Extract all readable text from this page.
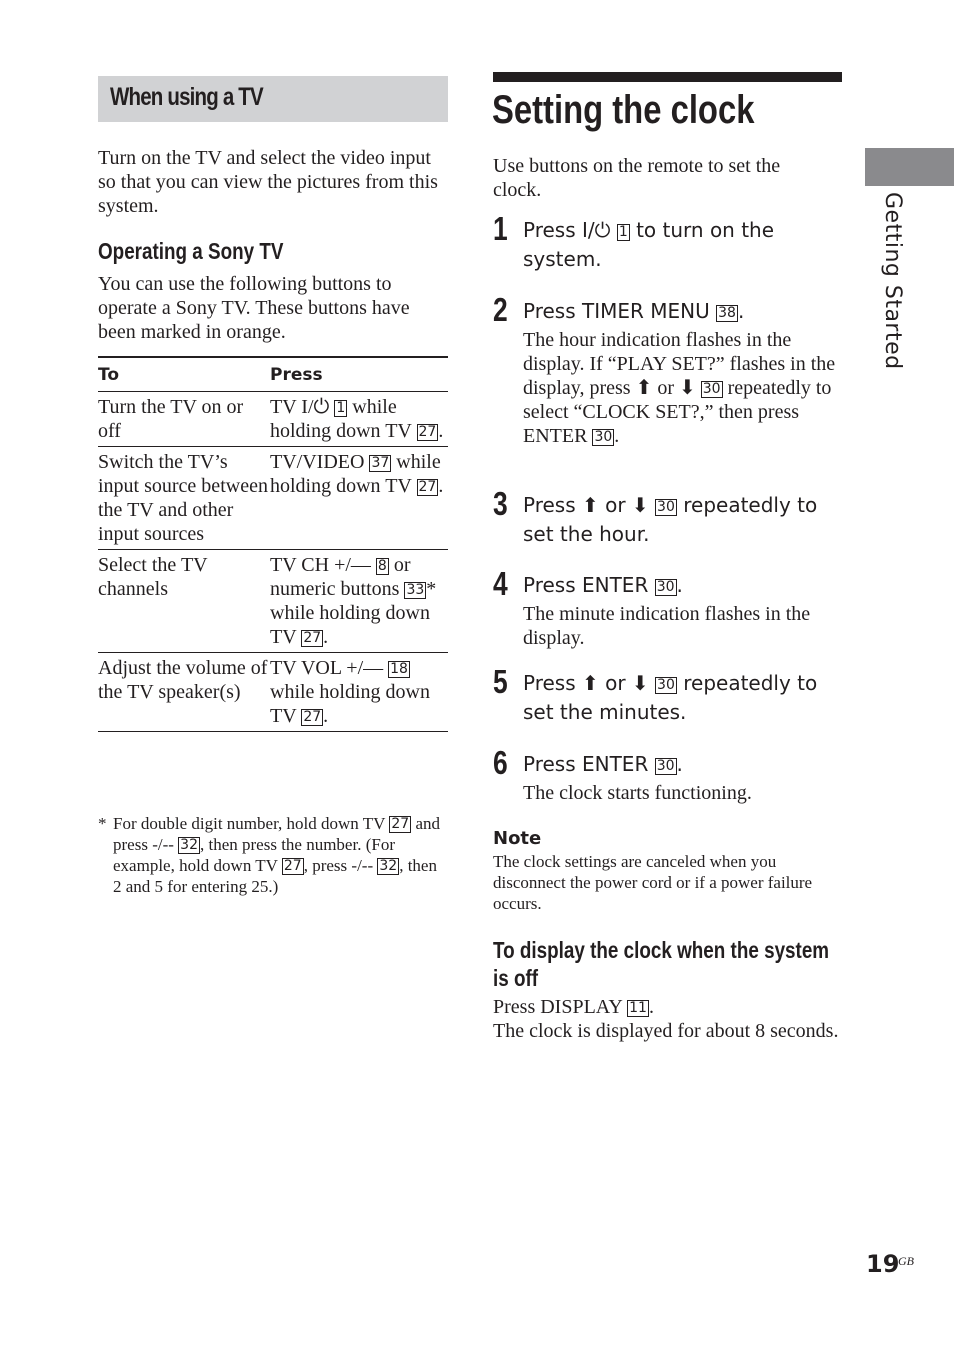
When using a TV
Turn on the TV and select the video input so that you can view the pictures from this system.
Operating a Sony TV
You can use the following buttons to operate a Sony TV. These buttons have been marked in orange.
To	Press
Turn the TV on or off	TV I/⏻ 1 while holding down TV 27 .
Switch the TV’s input source between the TV and other input sources	TV/VIDEO 37 while holding down TV 27 .
Select the TV channels	TV CH +/— 8 or numeric buttons 33 * while holding down TV 27 .
Adjust the volume of the TV speaker(s)	TV VOL +/— 18 while holding down TV 27 .
* For double digit number, hold down TV 27 and press -/-- 32 , then press the number. (For example, hold down TV 27 , press -/-- 32 , then 2 and 5 for entering 25.)
Setting the clock
Use buttons on the remote to set the clock.
1 Press I/⏻ 1 to turn on the system.
2 Press TIMER MENU 38 .
The hour indication flashes in the display. If “PLAY SET?” flashes in the display, press ⬆ or ⬇ 30 repeatedly to select “CLOCK SET?,” then press ENTER 30 .
3 Press ⬆ or ⬇ 30 repeatedly to set the hour.
4 Press ENTER 30 .
The minute indication flashes in the display.
5 Press ⬆ or ⬇ 30 repeatedly to set the minutes.
6 Press ENTER 30 .
The clock starts functioning.
Note
The clock settings are canceled when you disconnect the power cord or if a power failure occurs.
To display the clock when the system is off
Press DISPLAY 11 .
The clock is displayed for about 8 seconds.
Getting Started
19
GB
